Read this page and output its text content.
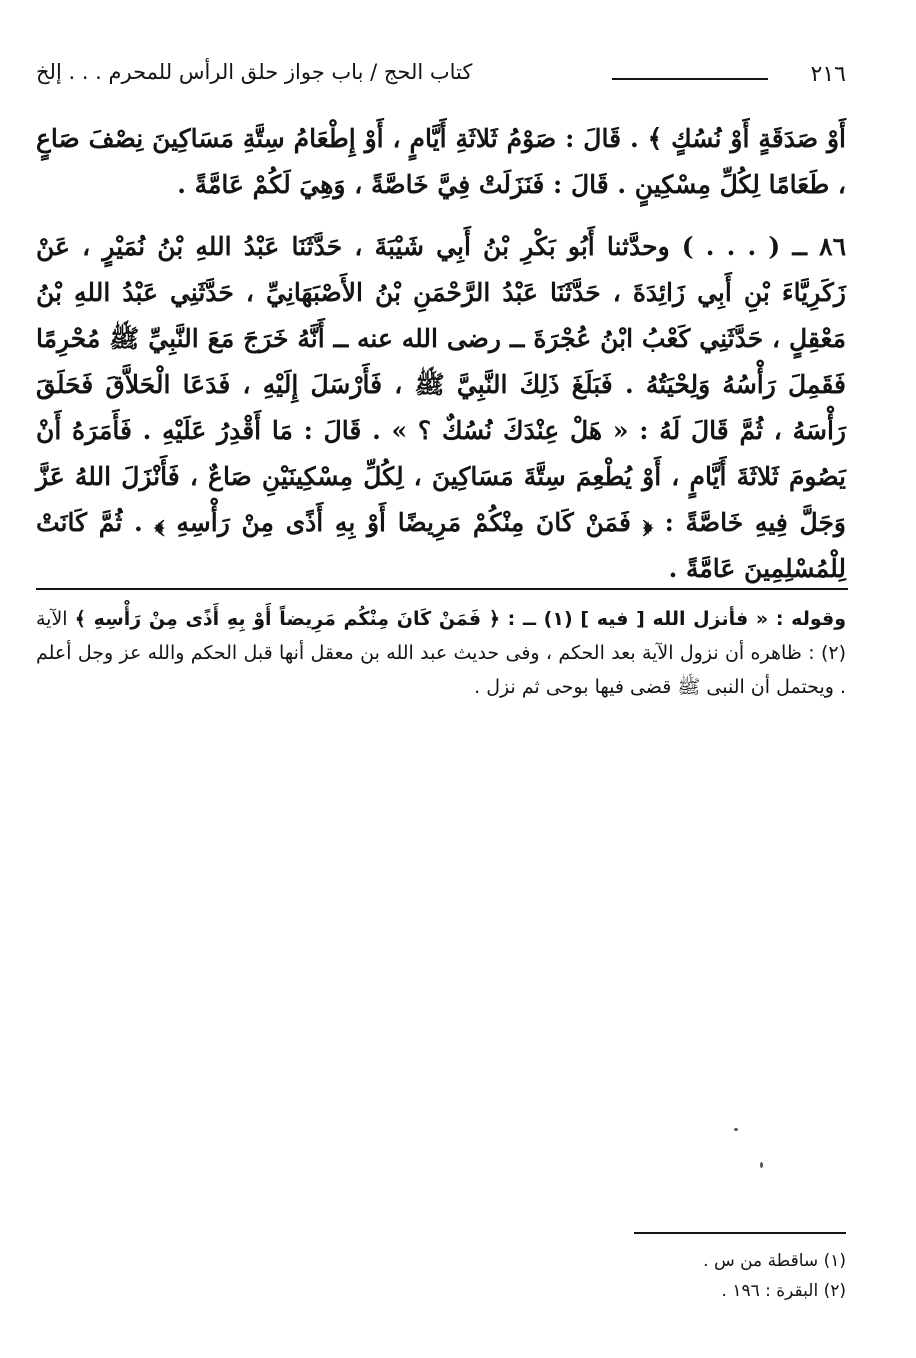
٢١٦
كتاب الحج / باب جواز حلق الرأس للمحرم . . . إلخ

أَوْ صَدَقَةٍ أَوْ نُسُكٍ ﴾ . قَالَ : صَوْمُ ثَلاثَةِ أَيَّامٍ ، أَوْ إِطْعَامُ سِتَّةِ مَسَاكِينَ نِصْفَ صَاعٍ ، طَعَامًا لِكُلِّ مِسْكِينٍ . قَالَ : فَنَزَلَتْ فِيَّ خَاصَّةً ، وَهِيَ لَكُمْ عَامَّةً .

٨٦ ــ ( . . . ) وحدَّثنا أَبُو بَكْرِ بْنُ أَبِي شَيْبَةَ ، حَدَّثَنَا عَبْدُ اللهِ بْنُ نُمَيْرٍ ، عَنْ زَكَرِيَّاءَ بْنِ أَبِي زَائِدَةَ ، حَدَّثَنَا عَبْدُ الرَّحْمَنِ بْنُ الأَصْبَهَانِيِّ ، حَدَّثَنِي عَبْدُ اللهِ بْنُ مَعْقِلٍ ، حَدَّثَنِي كَعْبُ ابْنُ عُجْرَةَ ــ رضى الله عنه ــ أَنَّهُ خَرَجَ مَعَ النَّبِيِّ ﷺ مُحْرِمًا فَقَمِلَ رَأْسُهُ وَلِحْيَتُهُ . فَبَلَغَ ذَلِكَ النَّبِيَّ ﷺ ، فَأَرْسَلَ إِلَيْهِ ، فَدَعَا الْحَلاَّقَ فَحَلَقَ رَأْسَهُ ، ثُمَّ قَالَ لَهُ : « هَلْ عِنْدَكَ نُسُكٌ ؟ » . قَالَ : مَا أَقْدِرُ عَلَيْهِ . فَأَمَرَهُ أَنْ يَصُومَ ثَلاثَةَ أَيَّامٍ ، أَوْ يُطْعِمَ سِتَّةَ مَسَاكِينَ ، لِكُلِّ مِسْكِينَيْنِ صَاعٌ ، فَأَنْزَلَ اللهُ عَزَّ وَجَلَّ فِيهِ خَاصَّةً : ﴿ فَمَنْ كَانَ مِنْكُمْ مَرِيضًا أَوْ بِهِ أَذًى مِنْ رَأْسِهِ ﴾ . ثُمَّ كَانَتْ لِلْمُسْلِمِينَ عَامَّةً .

وقوله : « فأنزل الله [ فيه ] (١) ــ : ﴿ فَمَنْ كَانَ مِنْكُم مَرِيضاً أَوْ بِهِ أَذًى مِنْ رَأْسِهِ ﴾ الآية (٢) : ظاهره أن نزول الآية بعد الحكم ، وفى حديث عبد الله بن معقل أنها قبل الحكم والله عز وجل أعلم . ويحتمل أن النبى ﷺ قضى فيها بوحى ثم نزل .

(١) ساقطة من س .
(٢) البقرة : ١٩٦ .
